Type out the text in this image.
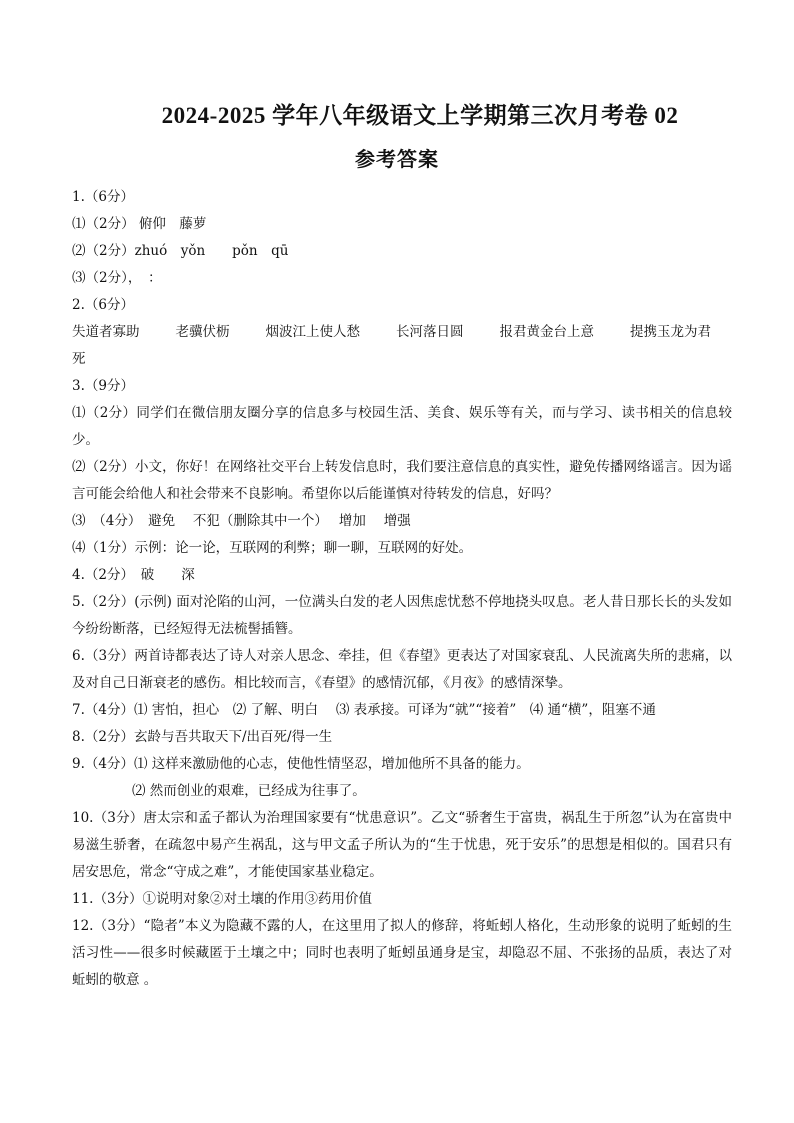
2024-2025 学年八年级语文上学期第三次月考卷 02
参考答案
1.（6分）
⑴（2分） 俯仰　藤萝
⑵（2分）zhuó　yǒn　　pǒn　qū
⑶（2分），　：
2.（6分）
失道者寡助	老骥伏枥	烟波江上使人愁	长河落日圆	报君黄金台上意	提携玉龙为君
死
3.（9分）
⑴（2分）同学们在微信朋友圈分享的信息多与校园生活、美食、娱乐等有关，而与学习、读书相关的信息较少。
⑵（2分）小文，你好！在网络社交平台上转发信息时，我们要注意信息的真实性，避免传播网络谣言。因为谣言可能会给他人和社会带来不良影响。希望你以后能谨慎对待转发的信息，好吗？
⑶　（4分）　避免　 不犯（删除其中一个）　 增加　 增强
⑷（1分）示例：论一论，互联网的利弊；聊一聊，互联网的好处。
4.（2分）　破　　深
5.（2分）(示例) 面对沦陷的山河，一位满头白发的老人因焦虑忧愁不停地挠头叹息。老人昔日那长长的头发如今纷纷断落，已经短得无法梳髻插簪。
6.（3分）两首诗都表达了诗人对亲人思念、牵挂，但《春望》更表达了对国家衰乱、人民流离失所的悲痛，以及对自己日渐衰老的感伤。相比较而言，《春望》的感情沉郁，《月夜》的感情深挚。
7.（4分）⑴ 害怕，担心　⑵ 了解、明白　 ⑶ 表承接。可译为“就”“接着”　⑷ 通“横”，阻塞不通
8.（2分）玄龄与吾共取天下/出百死/得一生
9.（4分）⑴ 这样来激励他的心志，使他性情坚忍，增加他所不具备的能力。
⑵ 然而创业的艰难，已经成为往事了。
10.（3分）唐太宗和孟子都认为治理国家要有“忧患意识”。乙文“骄奢生于富贵，祸乱生于所忽”认为在富贵中易滋生骄奢，在疏忽中易产生祸乱，这与甲文孟子所认为的“生于忧患，死于安乐”的思想是相似的。国君只有居安思危，常念“守成之难”，才能使国家基业稳定。
11.（3分）①说明对象②对土壤的作用③药用价值
12.（3分）“隐者”本义为隐藏不露的人，在这里用了拟人的修辞，将蚯蚓人格化，生动形象的说明了蚯蚓的生活习性——很多时候藏匿于土壤之中；同时也表明了蚯蚓虽通身是宝，却隐忍不屈、不张扬的品质，表达了对蚯蚓的敬意 。
